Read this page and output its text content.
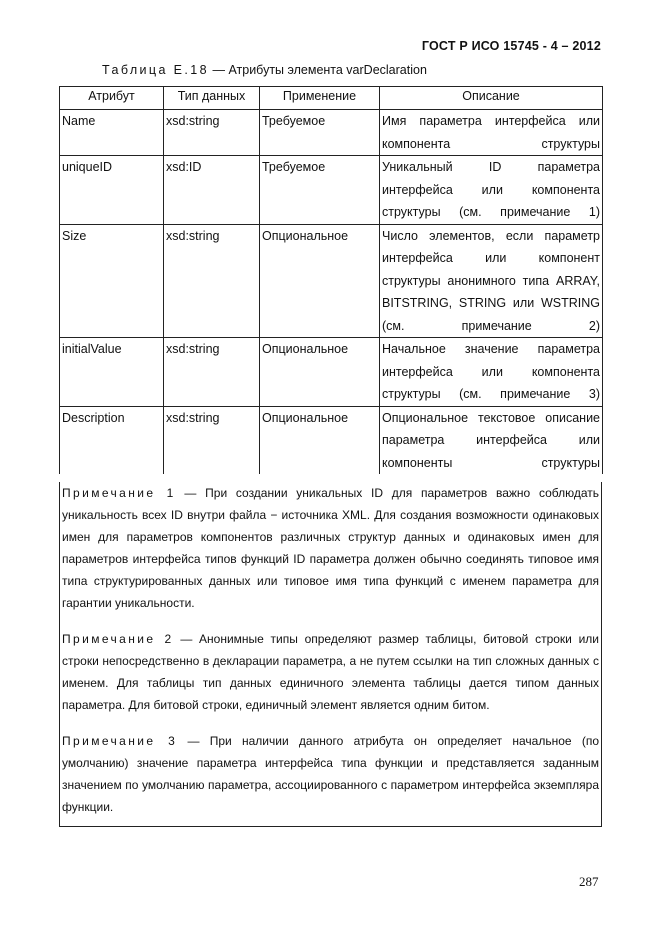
ГОСТ Р ИСО 15745 - 4 – 2012
Таблица Е.18 — Атрибуты элемента varDeclaration
Атрибут	Тип данных	Применение	Описание
Name	xsd:string	Требуемое	Имя параметра интерфейса или компонента структуры
uniqueID	xsd:ID	Требуемое	Уникальный ID параметра интерфейса или компонента структуры (см. примечание 1)
Size	xsd:string	Опциональное	Число элементов, если параметр интерфейса или компонент структуры анонимного типа ARRAY, BITSTRING, STRING или WSTRING (см. примечание 2)
initialValue	xsd:string	Опциональное	Начальное значение параметра интерфейса или компонента структуры (см. примечание 3)
Description	xsd:string	Опциональное	Опциональное текстовое описание параметра интерфейса или компоненты структуры

Примечание 1 — При создании уникальных ID для параметров важно соблюдать уникальность всех ID внутри файла − источника XML. Для создания возможности одинаковых имен для параметров компонентов различных структур данных и одинаковых имен для параметров интерфейса типов функций ID параметра должен обычно соединять типовое имя типа структурированных данных или типовое имя типа функций с именем параметра для гарантии уникальности.

Примечание 2 — Анонимные типы определяют размер таблицы, битовой строки или строки непосредственно в декларации параметра, а не путем ссылки на тип сложных данных с именем. Для таблицы тип данных единичного элемента таблицы дается типом данных параметра. Для битовой строки, единичный элемент является одним битом.

Примечание 3 — При наличии данного атрибута он определяет начальное (по умолчанию) значение параметра интерфейса типа функции и представляется заданным значением по умолчанию параметра, ассоциированного с параметром интерфейса экземпляра функции.

287
